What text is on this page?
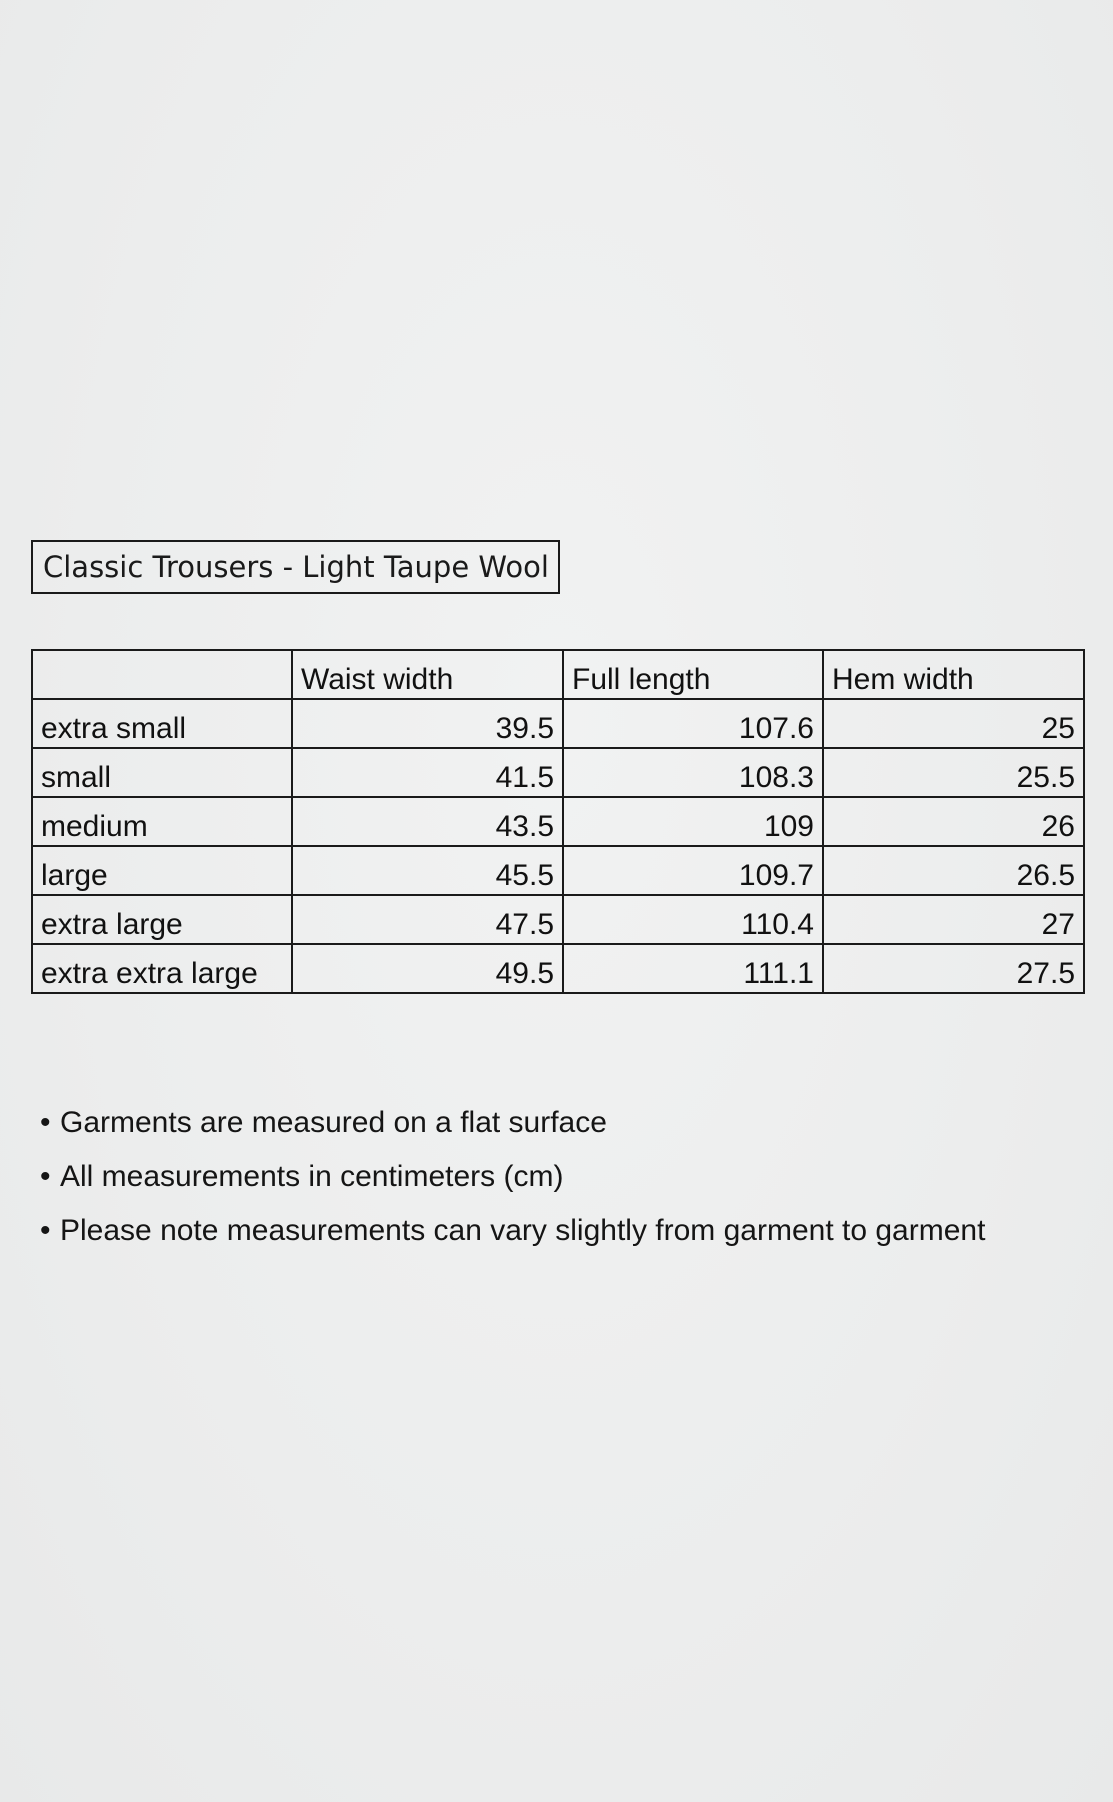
Classic Trousers - Light Taupe Wool
	Waist width	Full length	Hem width
extra small	39.5	107.6	25
small	41.5	108.3	25.5
medium	43.5	109	26
large	45.5	109.7	26.5
extra large	47.5	110.4	27
extra extra large	49.5	111.1	27.5
• Garments are measured on a flat surface
• All measurements in centimeters (cm)
• Please note measurements can vary slightly from garment to garment
